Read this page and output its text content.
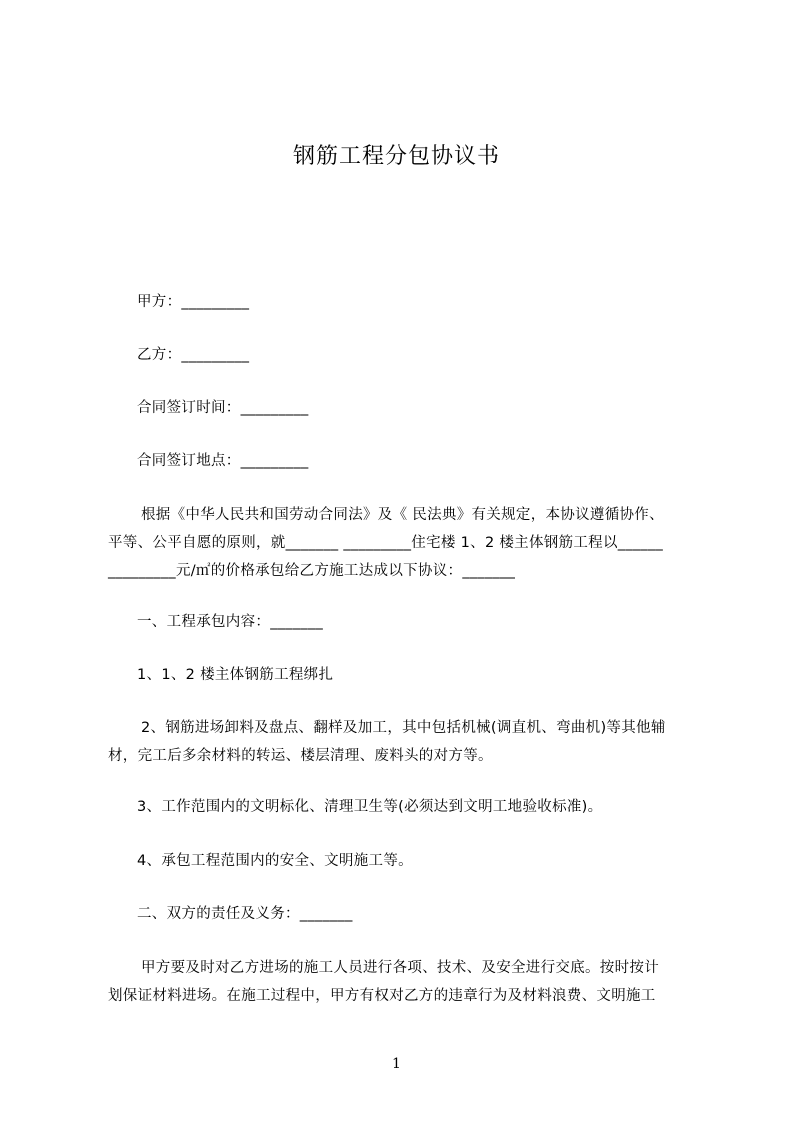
钢筋工程分包协议书
甲方：_________
乙方：_________
合同签订时间：_________
合同签订地点：_________
根据《中华人民共和国劳动合同法》及《 民法典》有关规定，本协议遵循协作、
平等、公平自愿的原则，就_______ _________住宅楼 1、2 楼主体钢筋工程以______
_________元/㎡的价格承包给乙方施工达成以下协议：_______
一、工程承包内容：_______
1、1、2 楼主体钢筋工程绑扎
2、钢筋进场卸料及盘点、翻样及加工，其中包括机械(调直机、弯曲机)等其他辅
材，完工后多余材料的转运、楼层清理、废料头的对方等。
3、工作范围内的文明标化、清理卫生等(必须达到文明工地验收标准)。
4、承包工程范围内的安全、文明施工等。
二、双方的责任及义务：_______
甲方要及时对乙方进场的施工人员进行各项、技术、及安全进行交底。按时按计
划保证材料进场。在施工过程中，甲方有权对乙方的违章行为及材料浪费、文明施工
1
